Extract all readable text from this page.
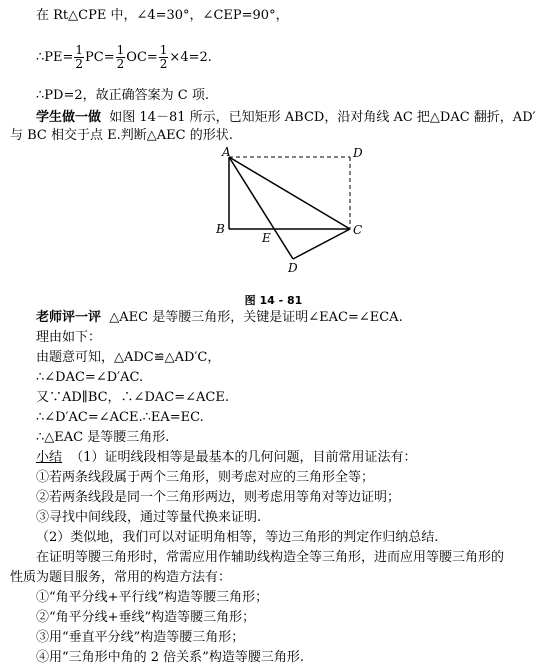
在 Rt△CPE 中，∠4=30°，∠CEP=90°，
∴PE= $\frac{1}{2} PC= \frac{1}{2} OC= \frac{1}{2} \times 4=2$.
∴PD=2，故正确答案为 C 项.
学生做一做 如图 14－81 所示，已知矩形 ABCD，沿对角线 AC 把△DAC 翻折，AD′
与 BC 相交于点 E.判断△AEC 的形状.
A
B	C
D
E
D
图 14 - 81
老师评一评 △AEC 是等腰三角形，关键是证明∠EAC=∠ECA.
理由如下：
由题意可知，△ADC≌△AD′C，
∴∠DAC=∠D′AC.
又∵AD∥BC，∴∠DAC=∠ACE.
∴∠D′AC=∠ACE.∴EA=EC.
∴△EAC 是等腰三角形.
小结 （1）证明线段相等是最基本的几何问题，目前常用证法有：
①若两条线段属于两个三角形，则考虑对应的三角形全等；
②若两条线段是同一个三角形两边，则考虑用等角对等边证明；
③寻找中间线段，通过等量代换来证明.
（2）类似地，我们可以对证明角相等，等边三角形的判定作归纳总结.
在证明等腰三角形时，常需应用作辅助线构造全等三角形，进而应用等腰三角形的
性质为题目服务，常用的构造方法有：
①“角平分线+平行线”构造等腰三角形；
②“角平分线+垂线”构造等腰三角形；
③用“垂直平分线”构造等腰三角形；
④用“三角形中角的 2 倍关系”构造等腰三角形.
